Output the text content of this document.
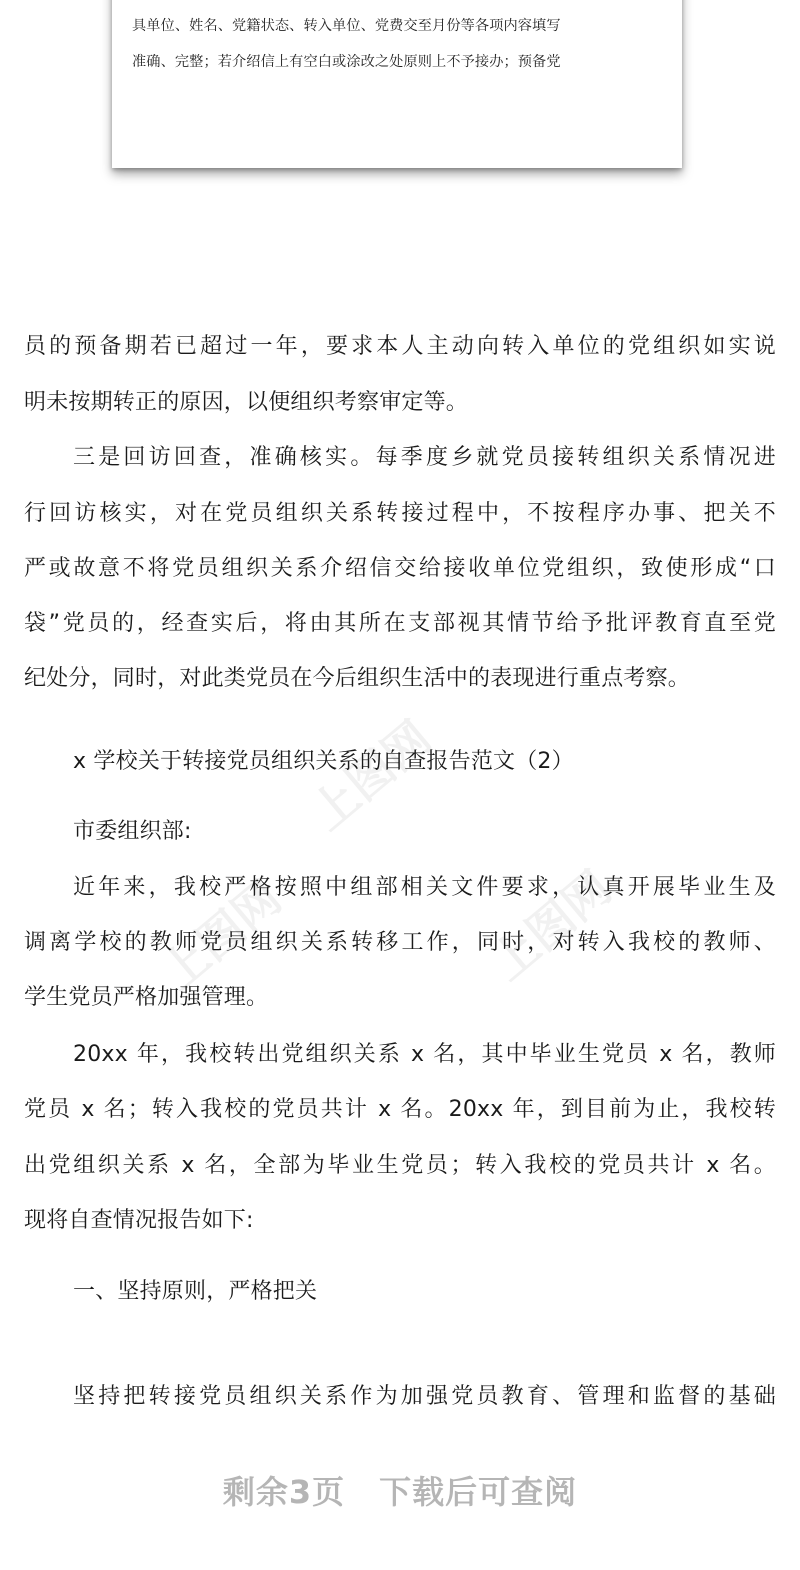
上图网
上图网	上图网
具单位、姓名、党籍状态、转入单位、党费交至月份等各项内容填写
准确、完整；若介绍信上有空白或涂改之处原则上不予接办；预备党
员的预备期若已超过一年，要求本人主动向转入单位的党组织如实说
明未按期转正的原因，以便组织考察审定等。
三是回访回查，准确核实。每季度乡就党员接转组织关系情况进
行回访核实，对在党员组织关系转接过程中，不按程序办事、把关不
严或故意不将党员组织关系介绍信交给接收单位党组织，致使形成“口
袋”党员的，经查实后，将由其所在支部视其情节给予批评教育直至党
纪处分，同时，对此类党员在今后组织生活中的表现进行重点考察。
x 学校关于转接党员组织关系的自查报告范文（2）
市委组织部:
近年来，我校严格按照中组部相关文件要求，认真开展毕业生及
调离学校的教师党员组织关系转移工作，同时，对转入我校的教师、
学生党员严格加强管理。
20xx 年，我校转出党组织关系 x 名，其中毕业生党员 x 名，教师
党员 x 名；转入我校的党员共计 x 名。20xx 年，到目前为止，我校转
出党组织关系 x 名，全部为毕业生党员；转入我校的党员共计 x 名。
现将自查情况报告如下:
一、坚持原则，严格把关
坚持把转接党员组织关系作为加强党员教育、管理和监督的基础
剩余3页 下载后可查阅
